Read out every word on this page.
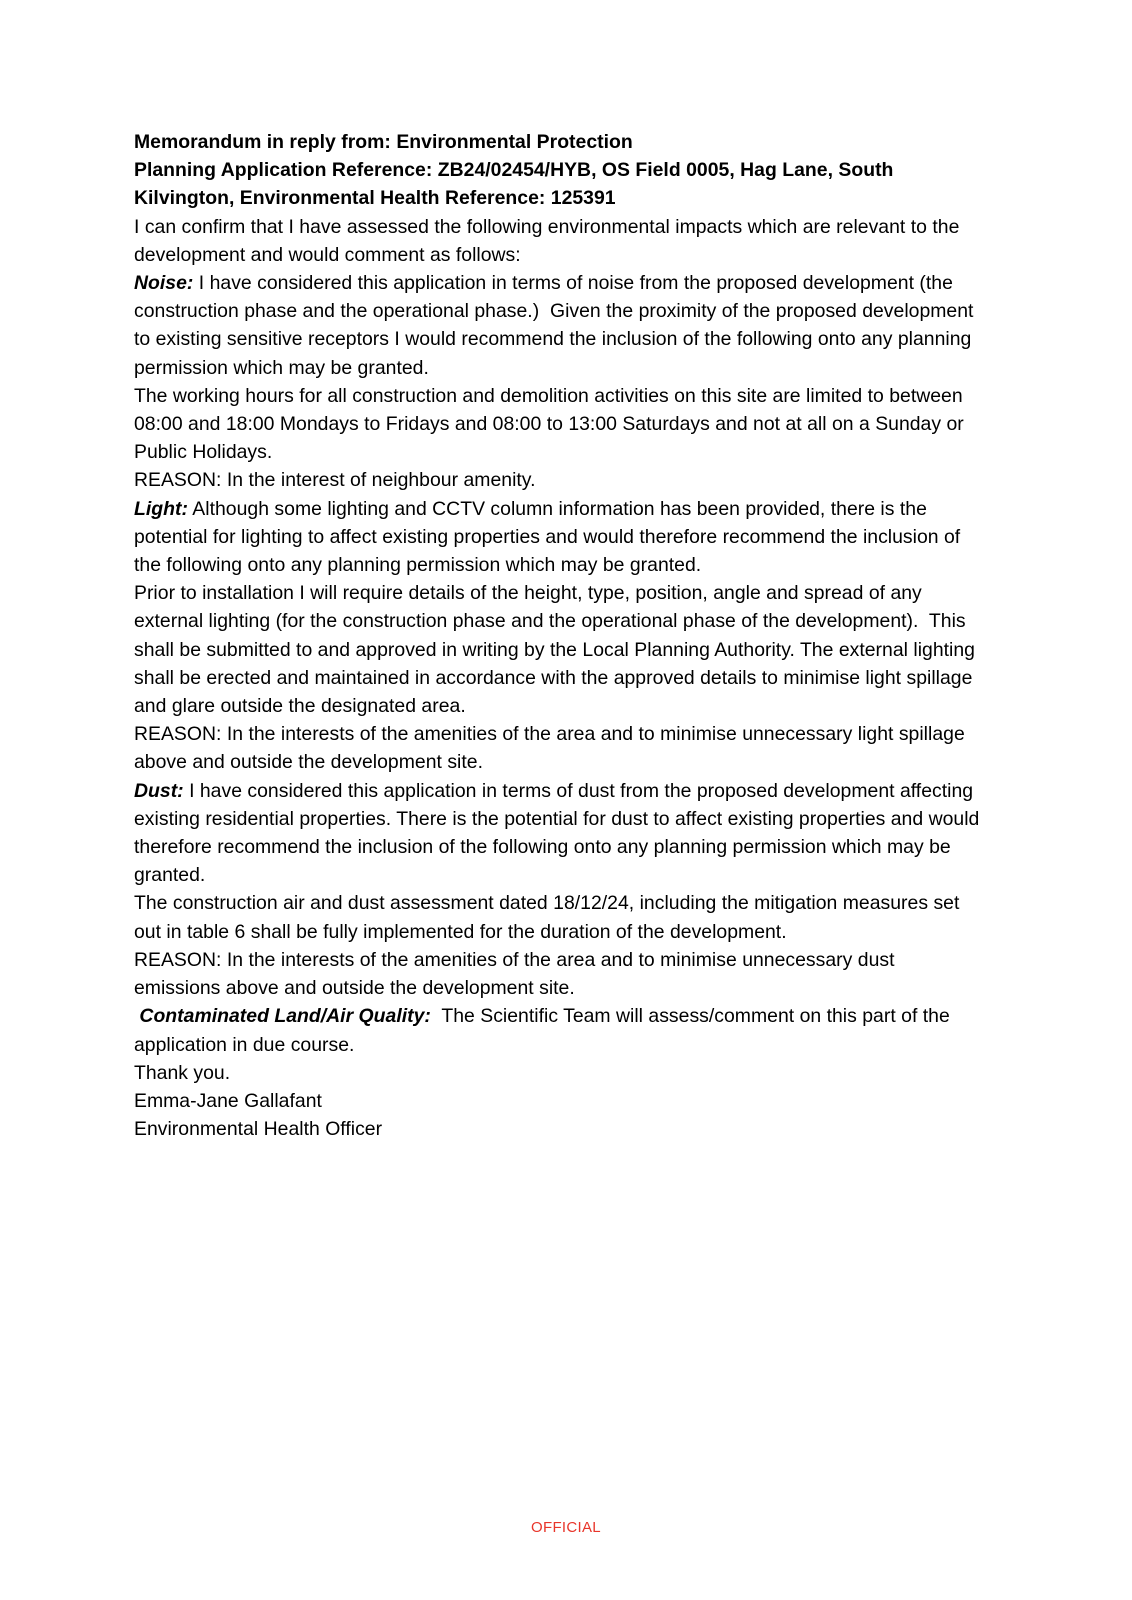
Memorandum in reply from: Environmental Protection

Planning Application Reference: ZB24/02454/HYB, OS Field 0005, Hag Lane, South Kilvington, Environmental Health Reference: 125391

I can confirm that I have assessed the following environmental impacts which are relevant to the development and would comment as follows:

Noise: I have considered this application in terms of noise from the proposed development (the construction phase and the operational phase.)  Given the proximity of the proposed development to existing sensitive receptors I would recommend the inclusion of the following onto any planning permission which may be granted.

The working hours for all construction and demolition activities on this site are limited to between 08:00 and 18:00 Mondays to Fridays and 08:00 to 13:00 Saturdays and not at all on a Sunday or Public Holidays.

REASON: In the interest of neighbour amenity.

Light: Although some lighting and CCTV column information has been provided, there is the potential for lighting to affect existing properties and would therefore recommend the inclusion of the following onto any planning permission which may be granted.

Prior to installation I will require details of the height, type, position, angle and spread of any external lighting (for the construction phase and the operational phase of the development).  This shall be submitted to and approved in writing by the Local Planning Authority. The external lighting shall be erected and maintained in accordance with the approved details to minimise light spillage and glare outside the designated area.

REASON: In the interests of the amenities of the area and to minimise unnecessary light spillage above and outside the development site.

Dust: I have considered this application in terms of dust from the proposed development affecting existing residential properties. There is the potential for dust to affect existing properties and would therefore recommend the inclusion of the following onto any planning permission which may be granted.

The construction air and dust assessment dated 18/12/24, including the mitigation measures set out in table 6 shall be fully implemented for the duration of the development.

REASON: In the interests of the amenities of the area and to minimise unnecessary dust emissions above and outside the development site.

Contaminated Land/Air Quality:  The Scientific Team will assess/comment on this part of the application in due course.

Thank you.

Emma-Jane Gallafant

Environmental Health Officer

OFFICIAL
